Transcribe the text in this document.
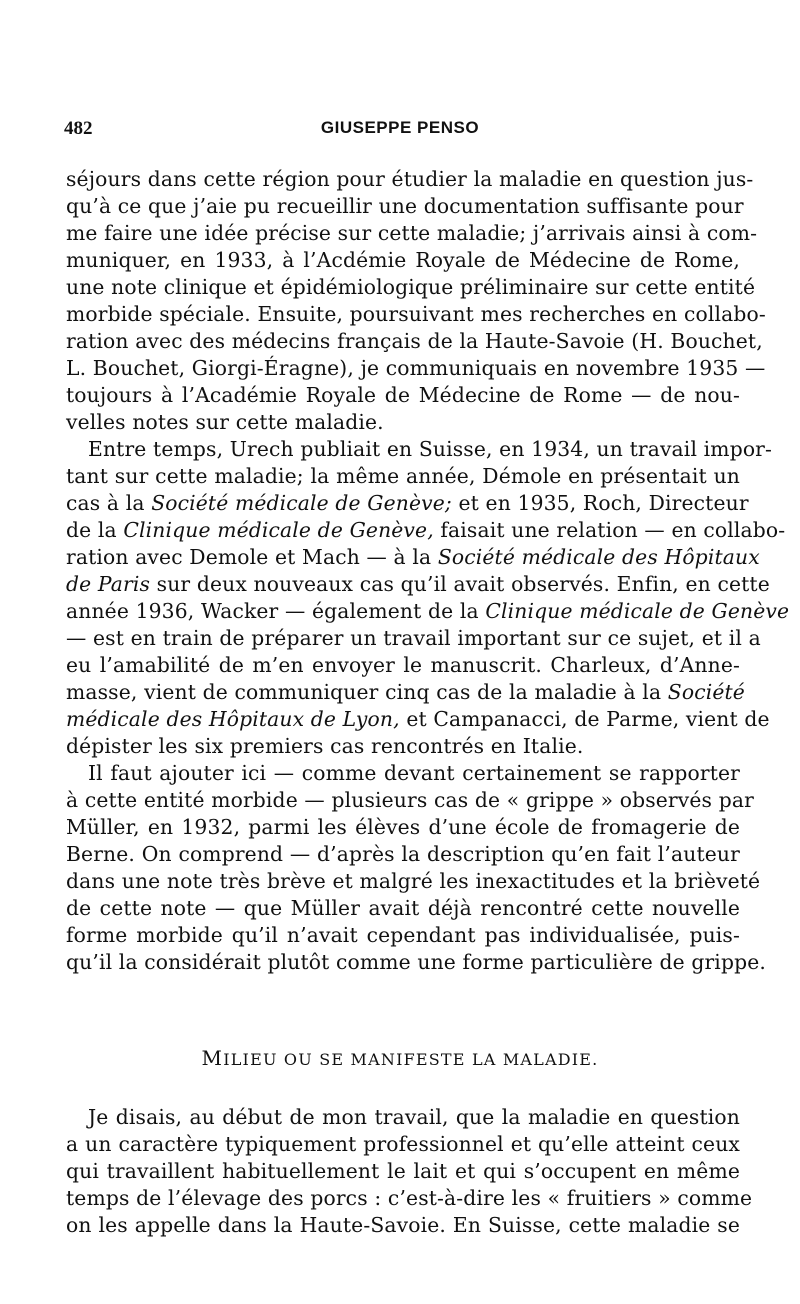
482	GIUSEPPE PENSO
séjours dans cette région pour étudier la maladie en question jus-
qu’à ce que j’aie pu recueillir une documentation suffisante pour
me faire une idée précise sur cette maladie; j’arrivais ainsi à com-
muniquer, en 1933, à l’Acdémie Royale de Médecine de Rome,
une note clinique et épidémiologique préliminaire sur cette entité
morbide spéciale. Ensuite, poursuivant mes recherches en collabo-
ration avec des médecins français de la Haute-Savoie (H. Bouchet,
L. Bouchet, Giorgi-Éragne), je communiquais en novembre 1935 —
toujours à l’Académie Royale de Médecine de Rome — de nou-
velles notes sur cette maladie.
Entre temps, Urech publiait en Suisse, en 1934, un travail impor-
tant sur cette maladie; la même année, Démole en présentait un
cas à la Société médicale de Genève; et en 1935, Roch, Directeur
de la Clinique médicale de Genève, faisait une relation — en collabo-
ration avec Demole et Mach — à la Société médicale des Hôpitaux
de Paris sur deux nouveaux cas qu’il avait observés. Enfin, en cette
année 1936, Wacker — également de la Clinique médicale de Genève
— est en train de préparer un travail important sur ce sujet, et il a
eu l’amabilité de m’en envoyer le manuscrit. Charleux, d’Anne-
masse, vient de communiquer cinq cas de la maladie à la Société
médicale des Hôpitaux de Lyon, et Campanacci, de Parme, vient de
dépister les six premiers cas rencontrés en Italie.
Il faut ajouter ici — comme devant certainement se rapporter
à cette entité morbide — plusieurs cas de « grippe » observés par
Müller, en 1932, parmi les élèves d’une école de fromagerie de
Berne. On comprend — d’après la description qu’en fait l’auteur
dans une note très brève et malgré les inexactitudes et la brièveté
de cette note — que Müller avait déjà rencontré cette nouvelle
forme morbide qu’il n’avait cependant pas individualisée, puis-
qu’il la considérait plutôt comme une forme particulière de grippe.
MILIEU OU SE MANIFESTE LA MALADIE.
Je disais, au début de mon travail, que la maladie en question
a un caractère typiquement professionnel et qu’elle atteint ceux
qui travaillent habituellement le lait et qui s’occupent en même
temps de l’élevage des porcs : c’est-à-dire les « fruitiers » comme
on les appelle dans la Haute-Savoie. En Suisse, cette maladie se
